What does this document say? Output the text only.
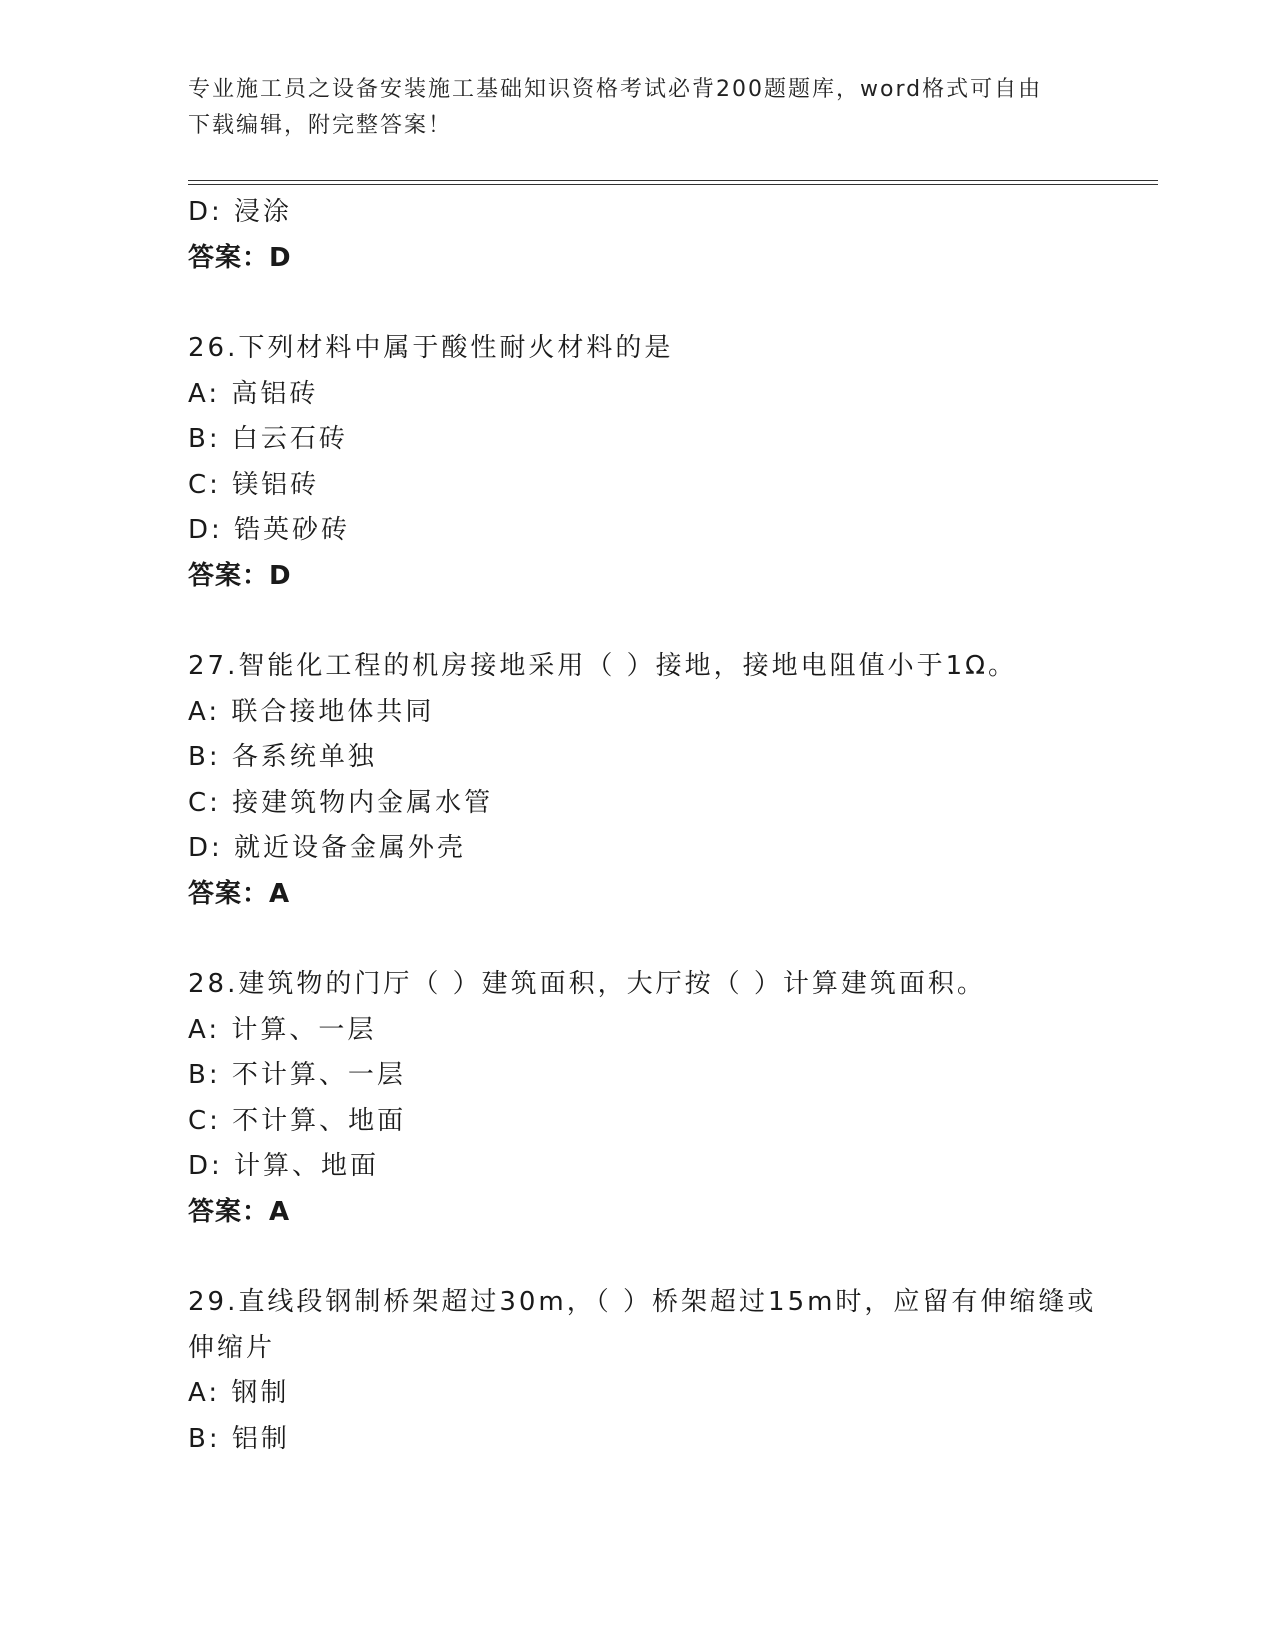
专业施工员之设备安装施工基础知识资格考试必背200题题库，word格式可自由
下载编辑，附完整答案！
D: 浸涂
答案：D
26.下列材料中属于酸性耐火材料的是
A: 高铝砖
B: 白云石砖
C: 镁铝砖
D: 锆英砂砖
答案：D
27.智能化工程的机房接地采用（ ）接地，接地电阻值小于1Ω。
A: 联合接地体共同
B: 各系统单独
C: 接建筑物内金属水管
D: 就近设备金属外壳
答案：A
28.建筑物的门厅（ ）建筑面积，大厅按（ ）计算建筑面积。
A: 计算、一层
B: 不计算、一层
C: 不计算、地面
D: 计算、地面
答案：A
29.直线段钢制桥架超过30m，（ ）桥架超过15m时，应留有伸缩缝或
伸缩片
A: 钢制
B: 铝制
